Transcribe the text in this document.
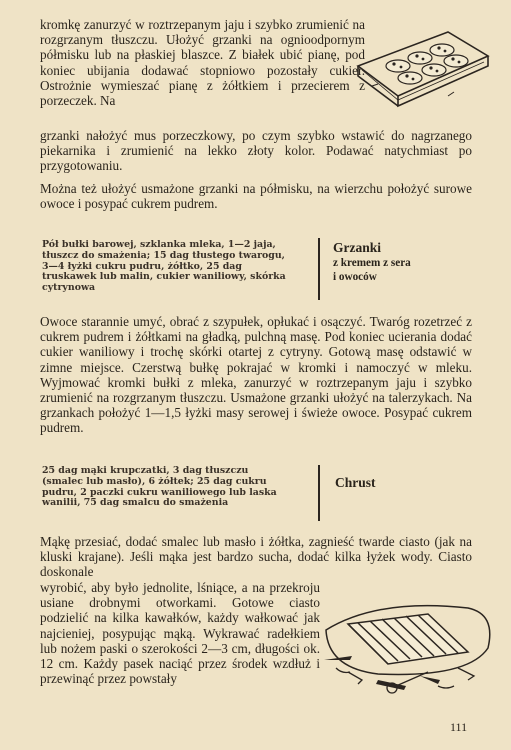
kromkę zanurzyć w roztrzepanym jaju i szybko zrumienić na rozgrzanym tłuszczu. Ułożyć grzanki na ognioodpornym półmisku lub na płaskiej blaszce. Z białek ubić pianę, pod koniec ubijania dodawać stopniowo pozostały cukier. Ostrożnie wymieszać pianę z żółtkiem i przecierem z porzeczek. Na

grzanki nałożyć mus porzeczkowy, po czym szybko wstawić do nagrzanego piekarnika i zrumienić na lekko złoty kolor. Podawać natychmiast po przygotowaniu.

Można też ułożyć usmażone grzanki na półmisku, na wierzchu położyć surowe owoce i posypać cukrem pudrem.

Pół bułki barowej, szklanka mleka, 1—2 jaja, tłuszcz do smażenia; 15 dag tłustego twarogu, 3—4 łyżki cukru pudru, żółtko, 25 dag truskawek lub malin, cukier waniliowy, skórka cytrynowa

Grzanki
z kremem z sera
i owoców

Owoce starannie umyć, obrać z szypułek, opłukać i osączyć. Twaróg rozetrzeć z cukrem pudrem i żółtkami na gładką, pulchną masę. Pod koniec ucierania dodać cukier waniliowy i trochę skórki otartej z cytryny. Gotową masę odstawić w zimne miejsce. Czerstwą bułkę pokrajać w kromki i namoczyć w mleku. Wyjmować kromki bułki z mleka, zanurzyć w roztrzepanym jaju i szybko zrumienić na rozgrzanym tłuszczu. Usmażone grzanki ułożyć na talerzykach. Na grzankach położyć 1—1,5 łyżki masy serowej i świeże owoce. Posypać cukrem pudrem.

25 dag mąki krupczatki, 3 dag tłuszczu (smalec lub masło), 6 żółtek; 25 dag cukru pudru, 2 paczki cukru waniliowego lub laska wanilii, 75 dag smalcu do smażenia

Chrust

Mąkę przesiać, dodać smalec lub masło i żółtka, zagnieść twarde ciasto (jak na kluski krajane). Jeśli mąka jest bardzo sucha, dodać kilka łyżek wody. Ciasto doskonale

wyrobić, aby było jednolite, lśniące, a na przekroju usiane drobnymi otworkami. Gotowe ciasto podzielić na kilka kawałków, każdy wałkować jak najcieniej, posypując mąką. Wykrawać radełkiem lub nożem paski o szerokości 2—3 cm, długości ok. 12 cm. Każdy pasek naciąć przez środek wzdłuż i przewinąć przez powstały

111
